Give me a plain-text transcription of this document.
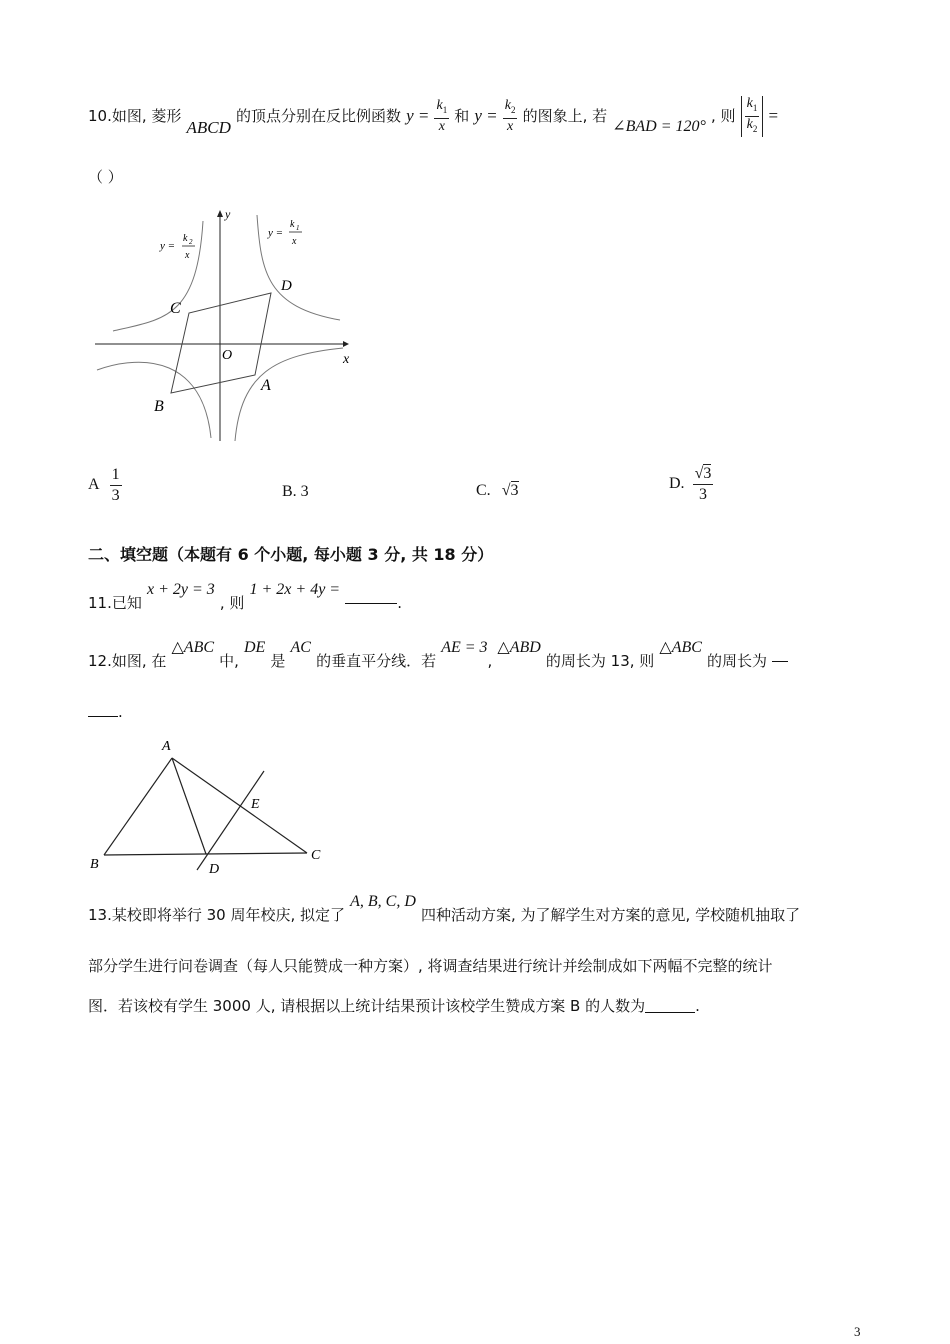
10.如图, 菱形 ABCD 的顶点分别在反比例函数 $y = \frac{k_1}{x}$ 和 $y = \frac{k_2}{x}$ 的图象上, 若 ∠BAD = 120° , 则 $\frac{k_1}{k_2}$ =
（ ）
y
x
O
D
C
B
A
y =
k 2
x
y =
k 1
x
A $\frac{1}{3}$	B. 3	C. √3	D. $\frac{√3}{3}$
二、填空题（本题有 6 个小题, 每小题 3 分, 共 18 分）
11.已知 x + 2y = 3 , 则 1 + 2x + 4y = .
12.如图, 在 △ABC 中, DE 是 AC 的垂直平分线．若 AE = 3, △ABD 的周长为 13, 则 △ABC 的周长为
.
A
B
C
D
E
13.某校即将举行 30 周年校庆, 拟定了 A, B, C, D 四种活动方案, 为了解学生对方案的意见, 学校随机抽取了
部分学生进行问卷调查（每人只能赞成一种方案）, 将调查结果进行统计并绘制成如下两幅不完整的统计
图．若该校有学生 3000 人, 请根据以上统计结果预计该校学生赞成方案 B 的人数为	.
3
